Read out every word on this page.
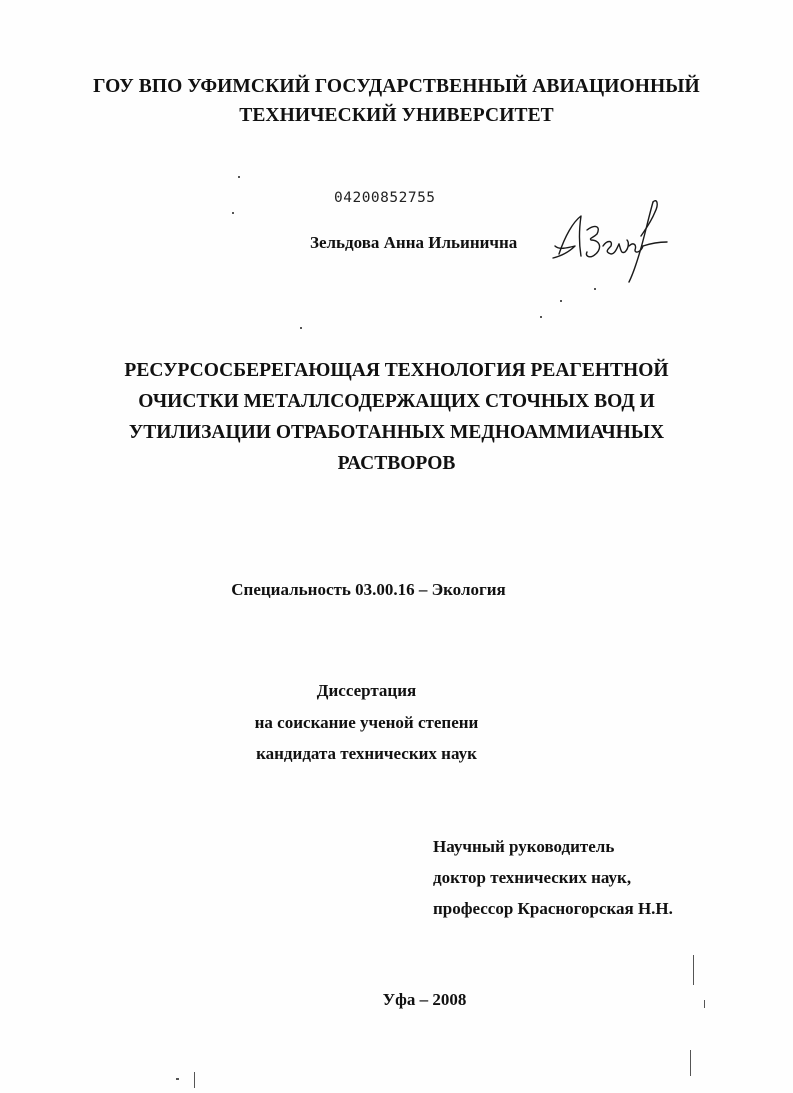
ГОУ ВПО УФИМСКИЙ ГОСУДАРСТВЕННЫЙ АВИАЦИОННЫЙ
ТЕХНИЧЕСКИЙ УНИВЕРСИТЕТ
04200852755
Зельдова Анна Ильинична
РЕСУРСОСБЕРЕГАЮЩАЯ ТЕХНОЛОГИЯ РЕАГЕНТНОЙ
ОЧИСТКИ МЕТАЛЛСОДЕРЖАЩИХ СТОЧНЫХ ВОД И
УТИЛИЗАЦИИ ОТРАБОТАННЫХ МЕДНОАММИАЧНЫХ
РАСТВОРОВ
Специальность 03.00.16 – Экология
Диссертация
на соискание ученой степени
кандидата технических наук
Научный руководитель
доктор технических наук,
профессор Красногорская Н.Н.
Уфа – 2008
